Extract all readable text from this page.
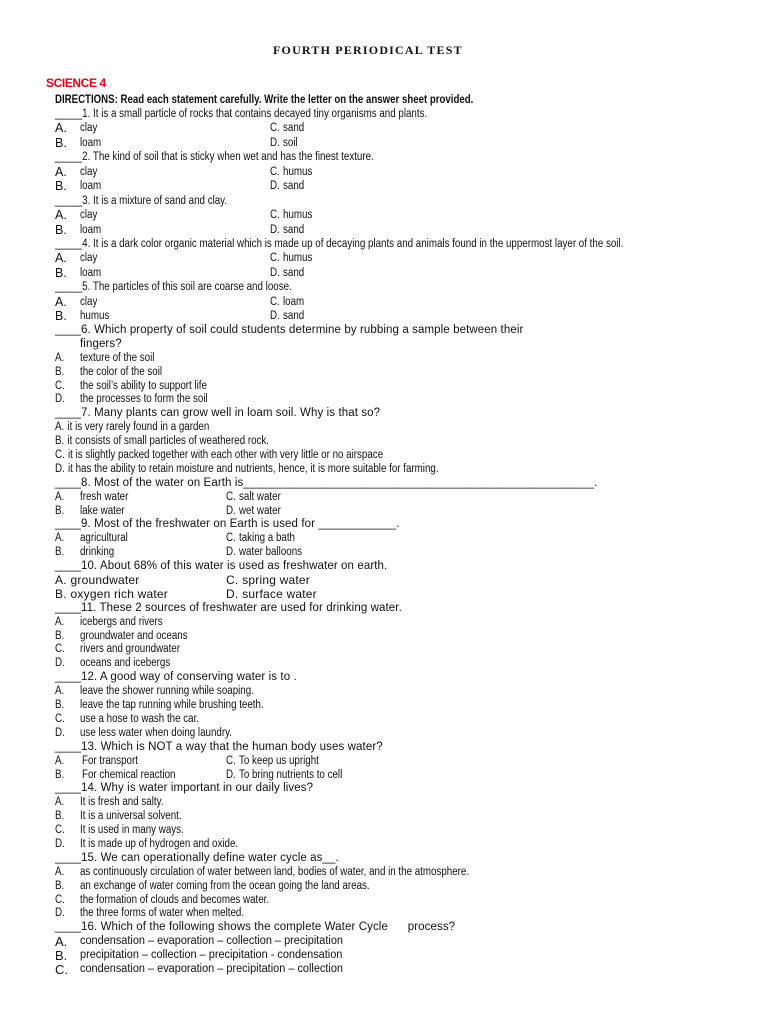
FOURTH PERIODICAL TEST
SCIENCE 4
DIRECTIONS: Read each statement carefully. Write the letter on the answer sheet provided.
_____1. It is a small particle of rocks that contains decayed tiny organisms and plants.
A. clay	C. sand
B. loam	D. soil
_____2. The kind of soil that is sticky when wet and has the finest texture.
A. clay	C. humus
B. loam	D. sand
_____3. It is a mixture of sand and clay.
A. clay	C. humus
B. loam	D. sand
_____4. It is a dark color organic material which is made up of decaying plants and animals found in the uppermost layer of the soil.
A. clay	C. humus
B. loam	D. sand
_____5. The particles of this soil are coarse and loose.
A. clay	C. loam
B. humus	D. sand
____6. Which property of soil could students determine by rubbing a sample between their
fingers?
A. texture of the soil
B. the color of the soil
C. the soil’s ability to support life
D. the processes to form the soil
____7. Many plants can grow well in loam soil. Why is that so?
A. it is very rarely found in a garden
B. it consists of small particles of weathered rock.
C. it is slightly packed together with each other with very little or no airspace
D. it has the ability to retain moisture and nutrients, hence, it is more suitable for farming.
____8. Most of the water on Earth is______________________________________________________.
A. fresh water	C. salt water
B. lake water	D. wet water
____9. Most of the freshwater on Earth is used for ____________.
A. agricultural	C. taking a bath
B. drinking	D. water balloons
____10. About 68% of this water is used as freshwater on earth.
A. groundwater	C. spring water
B. oxygen rich water	D. surface water
____11. These 2 sources of freshwater are used for drinking water.
A. icebergs and rivers
B. groundwater and oceans
C. rivers and groundwater
D. oceans and icebergs
____12. A good way of conserving water is to .
A. leave the shower running while soaping.
B. leave the tap running while brushing teeth.
C. use a hose to wash the car.
D. use less water when doing laundry.
____13. Which is NOT a way that the human body uses water?
A. For transport	C. To keep us upright
B. For chemical reaction	D. To bring nutrients to cell
____14. Why is water important in our daily lives?
A. It is fresh and salty.
B. It is a universal solvent.
C. It is used in many ways.
D. It is made up of hydrogen and oxide.
____15. We can operationally define water cycle as__.
A. as continuously circulation of water between land, bodies of water, and in the atmosphere.
B. an exchange of water coming from the ocean going the land areas.
C. the formation of clouds and becomes water.
D. the three forms of water when melted.
____16. Which of the following shows the complete Water Cycle      process?
A. condensation – evaporation – collection – precipitation
B. precipitation – collection – precipitation - condensation
C. condensation – evaporation – precipitation – collection
